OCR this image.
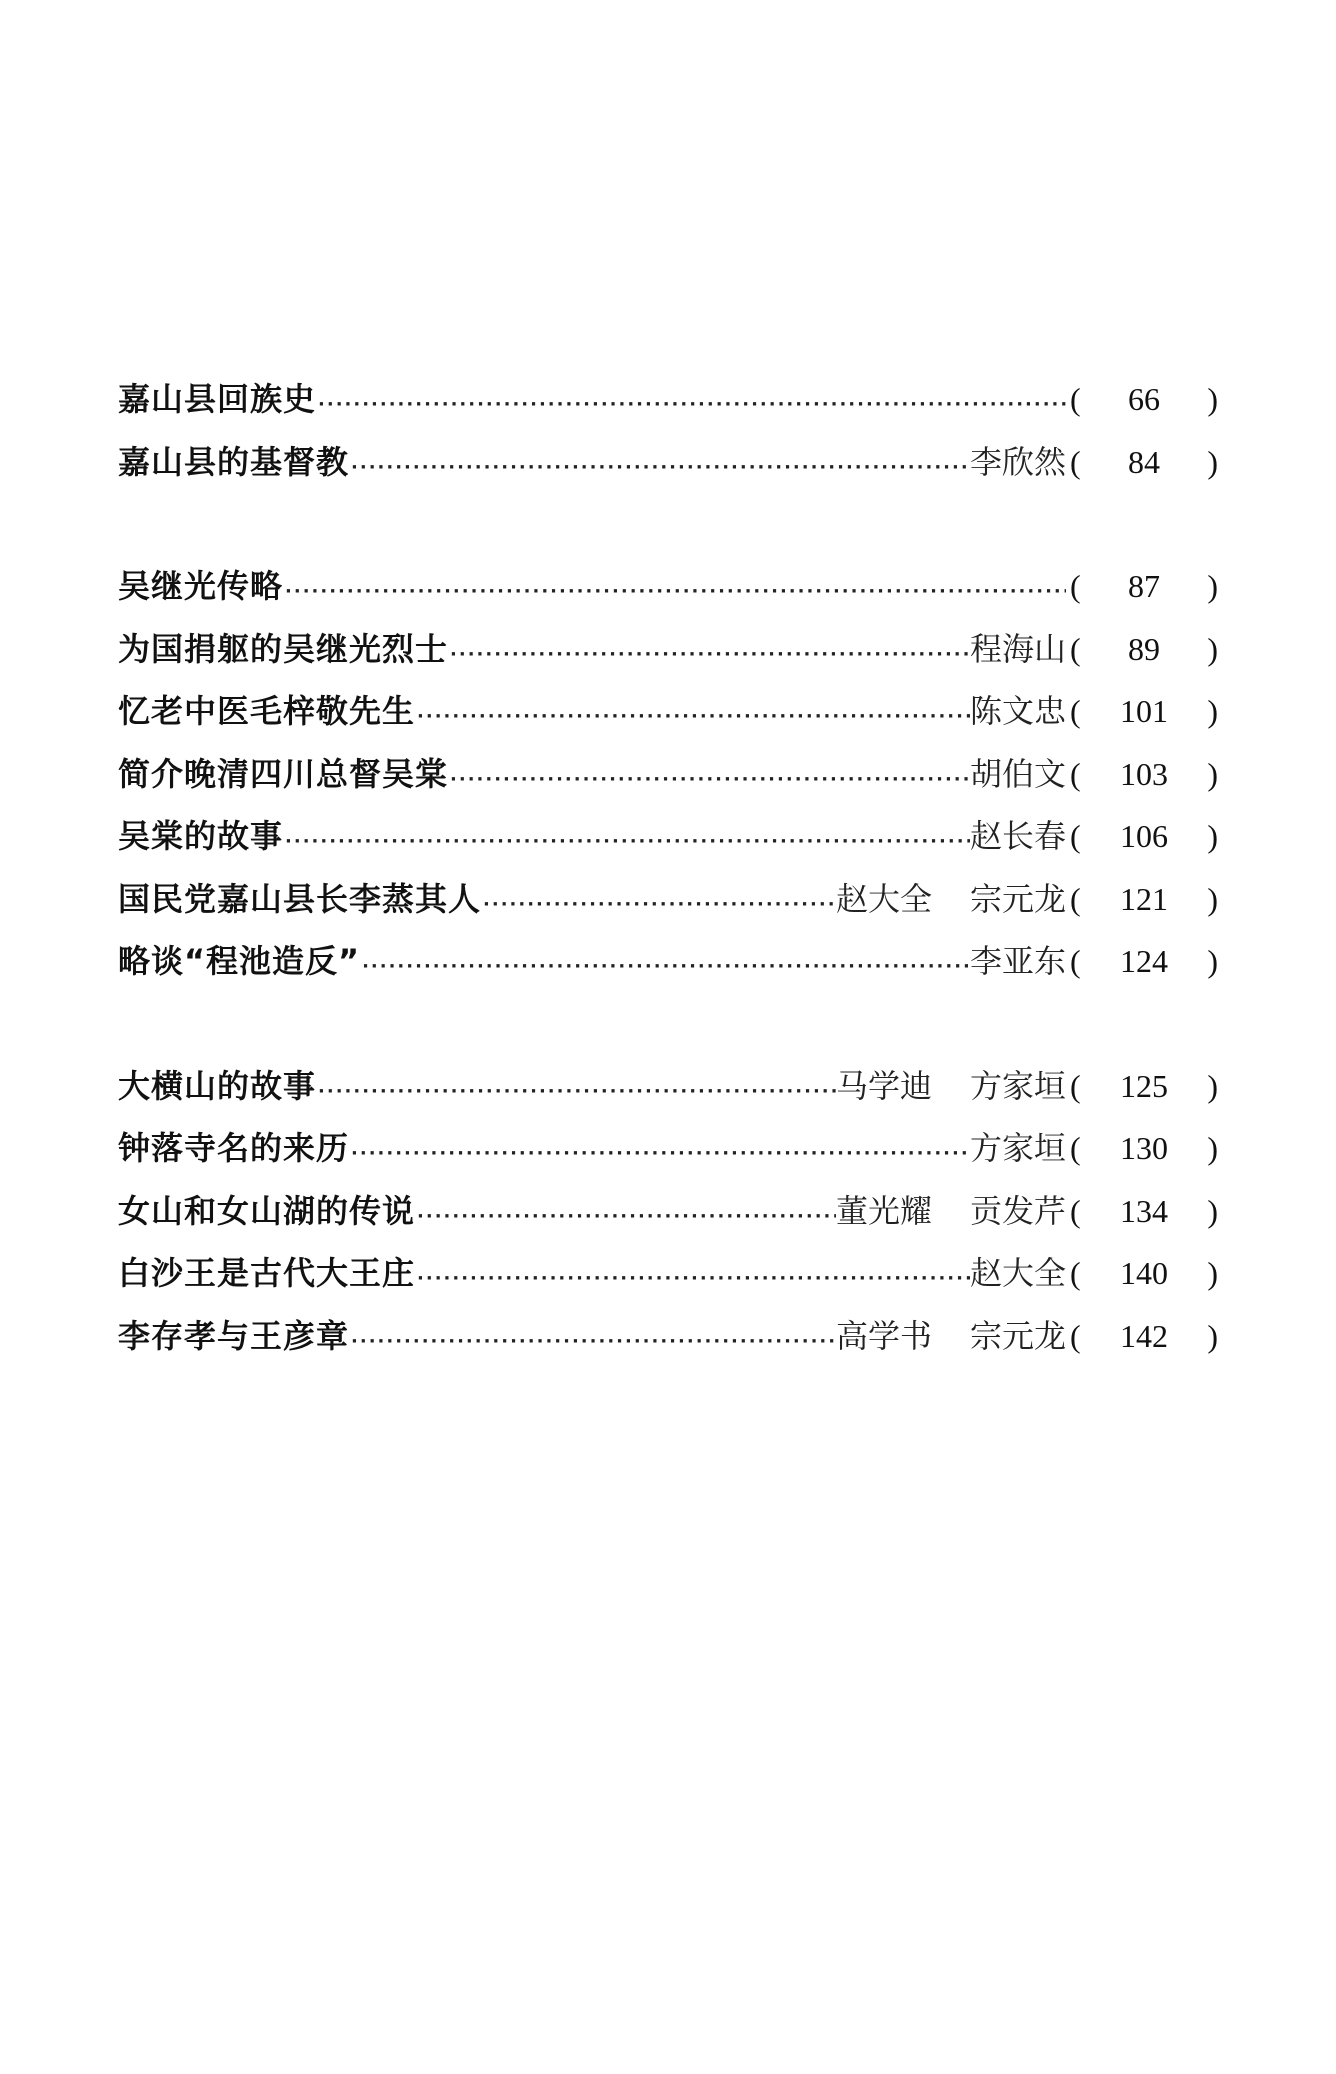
嘉山县回族史 ·····	(	66	)
嘉山县的基督教 ·····	李欣然 (	84	)
吴继光传略 ·····	(	87	)
为国捐躯的吴继光烈士 ·····	程海山 (	89	)
忆老中医毛梓敬先生 ·····	陈文忠 (	101	)
简介晚清四川总督吴棠 ·····	胡伯文 (	103	)
吴棠的故事 ·····	赵长春 (	106	)
国民党嘉山县长李蒸其人 ·····	赵大全 宗元龙 (	121	)
略谈“程池造反” ·····	李亚东 (	124	)
大横山的故事 ·····	马学迪 方家垣 (	125	)
钟落寺名的来历 ·····	方家垣 (	130	)
女山和女山湖的传说 ·····	董光耀 贡发芹 (	134	)
白沙王是古代大王庄 ·····	赵大全 (	140	)
李存孝与王彦章 ·····	高学书 宗元龙 (	142	)
